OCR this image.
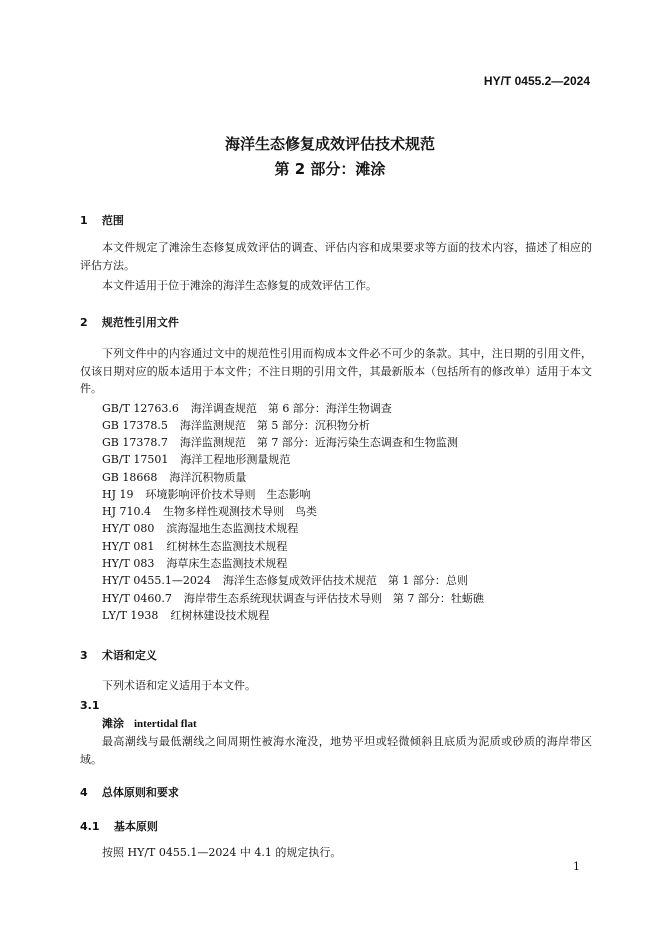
HY/T 0455.2—2024
海洋生态修复成效评估技术规范
第 2 部分：滩涂
1 范围
本文件规定了滩涂生态修复成效评估的调查、评估内容和成果要求等方面的技术内容，描述了相应的评估方法。
本文件适用于位于滩涂的海洋生态修复的成效评估工作。
2 规范性引用文件
下列文件中的内容通过文中的规范性引用而构成本文件必不可少的条款。其中，注日期的引用文件，仅该日期对应的版本适用于本文件；不注日期的引用文件，其最新版本（包括所有的修改单）适用于本文件。
GB/T 12763.6 海洋调查规范　第 6 部分：海洋生物调查
GB 17378.5 海洋监测规范　第 5 部分：沉积物分析
GB 17378.7 海洋监测规范　第 7 部分：近海污染生态调查和生物监测
GB/T 17501 海洋工程地形测量规范
GB 18668 海洋沉积物质量
HJ 19 环境影响评价技术导则　生态影响
HJ 710.4 生物多样性观测技术导则　鸟类
HY/T 080 滨海湿地生态监测技术规程
HY/T 081 红树林生态监测技术规程
HY/T 083 海草床生态监测技术规程
HY/T 0455.1—2024 海洋生态修复成效评估技术规范　第 1 部分：总则
HY/T 0460.7 海岸带生态系统现状调查与评估技术导则　第 7 部分：牡蛎礁
LY/T 1938 红树林建设技术规程
3 术语和定义
下列术语和定义适用于本文件。
3.1
滩涂 intertidal flat
最高潮线与最低潮线之间周期性被海水淹没，地势平坦或轻微倾斜且底质为泥质或砂质的海岸带区域。
4 总体原则和要求
4.1 基本原则
按照 HY/T 0455.1—2024 中 4.1 的规定执行。
1
